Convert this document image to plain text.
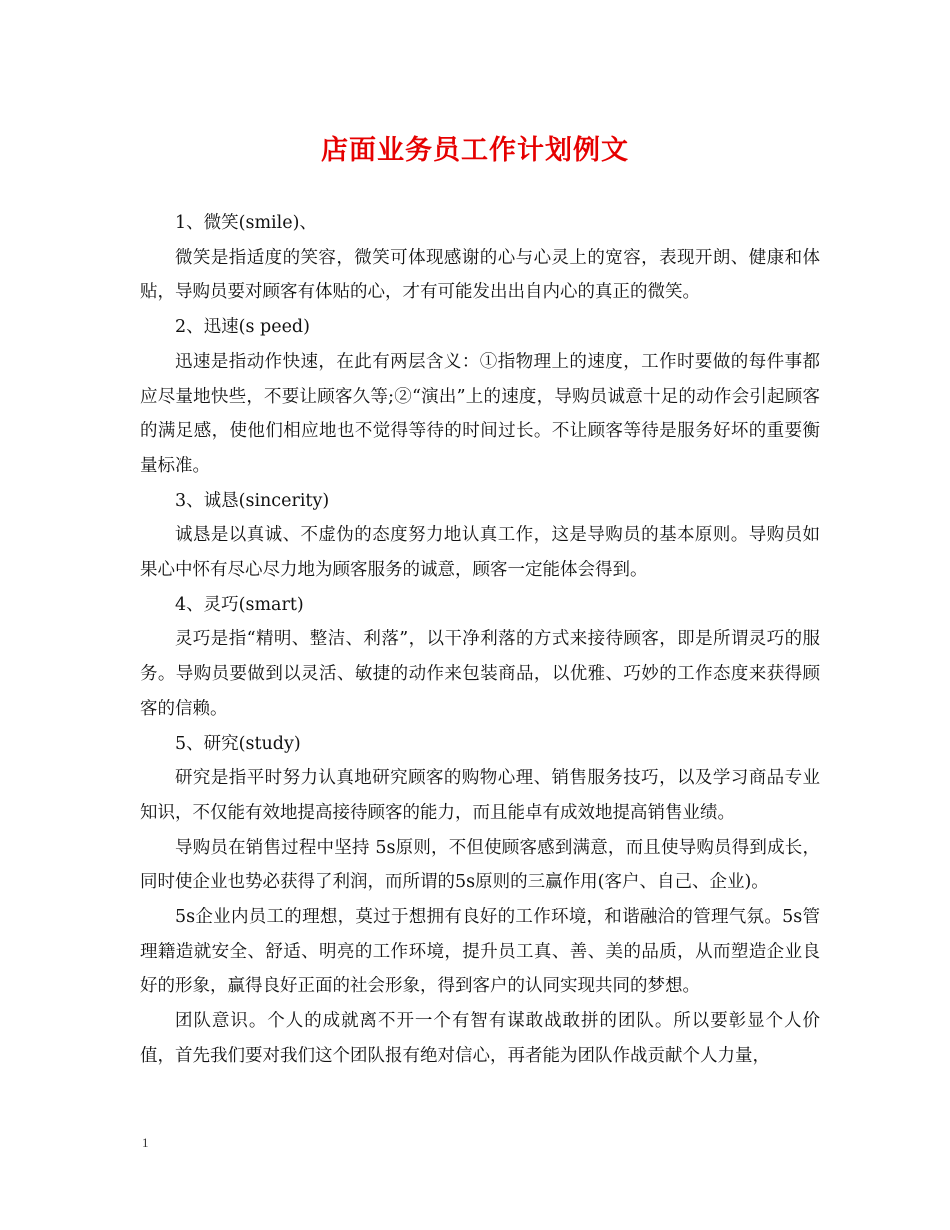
店面业务员工作计划例文

1、微笑(smile)、

微笑是指适度的笑容，微笑可体现感谢的心与心灵上的宽容，表现开朗、健康和体贴，导购员要对顾客有体贴的心，才有可能发出出自内心的真正的微笑。

2、迅速(s peed)

迅速是指动作快速，在此有两层含义：①指物理上的速度，工作时要做的每件事都应尽量地快些，不要让顾客久等;②“演出”上的速度，导购员诚意十足的动作会引起顾客的满足感，使他们相应地也不觉得等待的时间过长。不让顾客等待是服务好坏的重要衡量标准。

3、诚恳(sincerity)

诚恳是以真诚、不虚伪的态度努力地认真工作，这是导购员的基本原则。导购员如果心中怀有尽心尽力地为顾客服务的诚意，顾客一定能体会得到。

4、灵巧(smart)

灵巧是指“精明、整洁、利落”，以干净利落的方式来接待顾客，即是所谓灵巧的服务。导购员要做到以灵活、敏捷的动作来包装商品，以优雅、巧妙的工作态度来获得顾客的信赖。

5、研究(study)

研究是指平时努力认真地研究顾客的购物心理、销售服务技巧，以及学习商品专业知识，不仅能有效地提高接待顾客的能力，而且能卓有成效地提高销售业绩。

导购员在销售过程中坚持 5s原则，不但使顾客感到满意，而且使导购员得到成长，同时使企业也势必获得了利润，而所谓的5s原则的三赢作用(客户、自己、企业)。

5s企业内员工的理想，莫过于想拥有良好的工作环境，和谐融洽的管理气氛。5s管理籍造就安全、舒适、明亮的工作环境，提升员工真、善、美的品质，从而塑造企业良好的形象，赢得良好正面的社会形象，得到客户的认同实现共同的梦想。

团队意识。个人的成就离不开一个有智有谋敢战敢拼的团队。所以要彰显个人价值，首先我们要对我们这个团队报有绝对信心，再者能为团队作战贡献个人力量，

1
